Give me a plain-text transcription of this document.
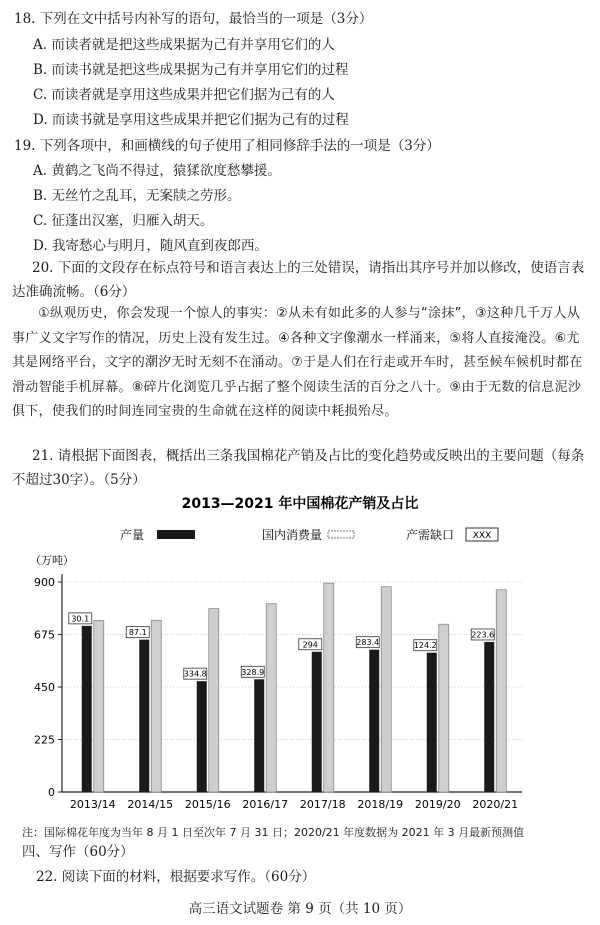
18. 下列在文中括号内补写的语句，最恰当的一项是（3分）
A. 而读者就是把这些成果据为己有并享用它们的人
B. 而读书就是把这些成果据为己有并享用它们的过程
C. 而读者就是享用这些成果并把它们据为己有的人
D. 而读书就是享用这些成果并把它们据为己有的过程
19. 下列各项中，和画横线的句子使用了相同修辞手法的一项是（3分）
A. 黄鹤之飞尚不得过，猿猱欲度愁攀援。
B. 无丝竹之乱耳，无案牍之劳形。
C. 征蓬出汉塞，归雁入胡天。
D. 我寄愁心与明月，随风直到夜郎西。
20. 下面的文段存在标点符号和语言表达上的三处错误，请指出其序号并加以修改，使语言表达准确流畅。（6分）
①纵观历史，你会发现一个惊人的事实：②从未有如此多的人参与“涂抹”，③这种几千万人从事广义文字写作的情况，历史上没有发生过。④各种文字像潮水一样涌来，⑤将人直接淹没。⑥尤其是网络平台，文字的潮汐无时无刻不在涌动。⑦于是人们在行走或开车时，甚至候车候机时都在滑动智能手机屏幕。⑧碎片化浏览几乎占据了整个阅读生活的百分之八十。⑨由于无数的信息泥沙俱下，使我们的时间连同宝贵的生命就在这样的阅读中耗损殆尽。
21. 请根据下面图表，概括出三条我国棉花产销及占比的变化趋势或反映出的主要问题（每条不超过30字）。（5分）
2013—2021 年中国棉花产销及占比
产量	国内消费量	产需缺口 XXX
（万吨）
0
225
450
675
900
30.1
2013/14
87.1
2014/15
334.8
2015/16
328.9
2016/17
294
2017/18
283.4
2018/19
124.2
2019/20
223.6
2020/21
注：国际棉花年度为当年 8 月 1 日至次年 7 月 31 日；2020/21 年度数据为 2021 年 3 月最新预测值
四、写作（60分）
22. 阅读下面的材料，根据要求写作。（60分）
高三语文试题卷 第 9 页（共 10 页）
